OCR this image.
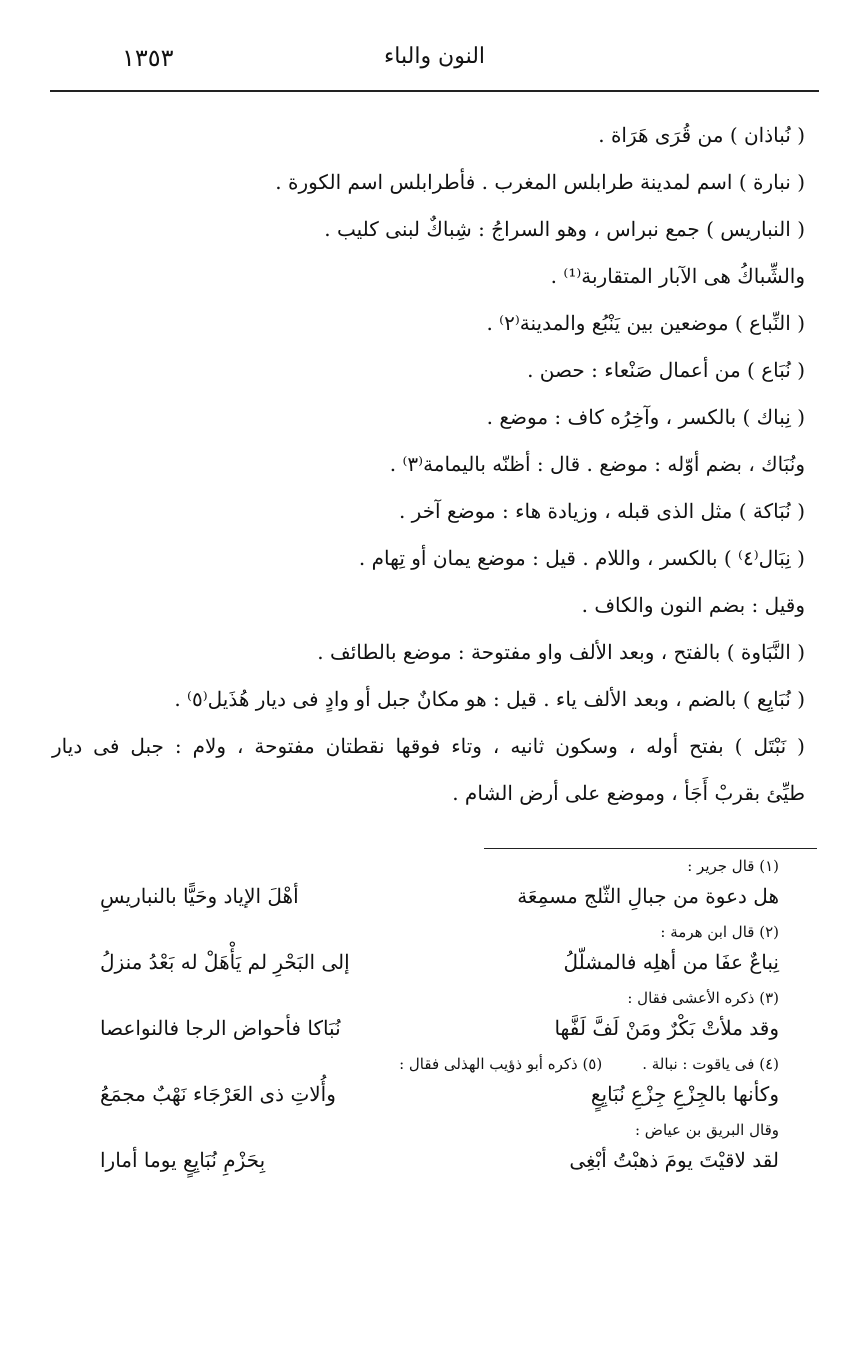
١٣٥٣	النون والباء
( نُباذان ) من قُرَى هَرَاة .
( نبارة ) اسم لمدينة طرابلس المغرب . فأطرابلس اسم الكورة .
( النباريس ) جمع نبراس ، وهو السراجُ : شِباكٌ لبنى كليب .
والشِّباكُ هى الآبار المتقاربة⁽¹⁾ .
( النِّباع ) موضعين بين يَنْبُع والمدينة⁽٢⁾ .
( نُبَاع ) من أعمال صَنْعاء : حصن .
( نِباك ) بالكسر ، وآخِرُه كاف : موضع .
ونُبَاك ، بضم أوّله : موضع . قال : أظنّه باليمامة⁽٣⁾ .
( نُبَاكة ) مثل الذى قبله ، وزيادة هاء : موضع آخر .
( نِبَال⁽٤⁾ ) بالكسر ، واللام . قيل : موضع يمان أو تِهام .
وقيل : بضم النون والكاف .
( النَّبَاوة ) بالفتح ، وبعد الألف واو مفتوحة : موضع بالطائف .
( نُبَايِع ) بالضم ، وبعد الألف ياء . قيل : هو مكانٌ جبل أو وادٍ فى ديار هُذَيل⁽٥⁾ .
( نَبْتَل ) بفتح أوله ، وسكون ثانيه ، وتاء فوقها نقطتان مفتوحة ، ولام : جبل فى ديار
طيِّئ بقربْ أَجَأ ، وموضع على أرض الشام .
(١) قال جرير :
هل دعوة من جبالِ الثّلج مسمِعَة
أهْلَ الإياد وحَيًّا بالنباريسِ
(٢) قال ابن هرمة :
نِباعٌ عفَا من أهلِه فالمشلّلُ
إلى البَحْرِ لم يَأْهَلْ له بَعْدُ منزلُ
(٣) ذكره الأعشى فقال :
وقد ملأتْ بَكْرٌ ومَنْ لَفَّ لَفَّها
نُبَاكا فأحواض الرجا فالنواعصا
(٤) فى ياقوت : نبالة .
(٥) ذكره أبو ذؤيب الهذلى فقال :
وكأنها بالجِزْعِ جِزْعِ نُبَايِعٍ
وأُلاتِ ذى العَرْجَاء نَهْبٌ مجمَعُ
وقال البريق بن عياض :
لقد لاقيْتَ يومَ ذهبْتُ أبْغِى
بِحَزْمِ نُبَايِعٍ يوما أمارا
